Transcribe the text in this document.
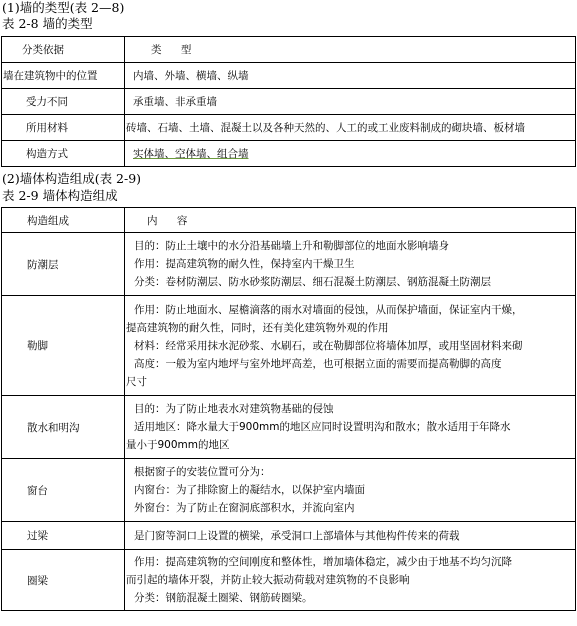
(1)墙的类型(表 2—8)
表 2-8 墙的类型
分类依据	类 型

墙在建筑物中的位置	内墙、外墙、横墙、纵墙

受力不同	承重墙、非承重墙

所用材料	砖墙、石墙、土墙、混凝土以及各种天然的、人工的或工业废料制成的砌块墙、板材墙

构造方式	实体墙、空体墙、组合墙
(2)墙体构造组成(表 2-9)
表 2-9 墙体构造组成
构造组成	内 容

防潮层	目的：防止土壤中的水分沿基础墙上升和勒脚部位的地面水影响墙身
作用：提高建筑物的耐久性，保持室内干燥卫生
分类：卷材防潮层、防水砂浆防潮层、细石混凝土防潮层、钢筋混凝土防潮层

勒脚	作用：防止地面水、屋檐滴落的雨水对墙面的侵蚀，从而保护墙面，保证室内干燥，
提高建筑物的耐久性，同时，还有美化建筑物外观的作用
材料：经常采用抹水泥砂浆、水刷石，或在勒脚部位将墙体加厚，或用坚固材料来砌
高度：一般为室内地坪与室外地坪高差，也可根据立面的需要而提高勒脚的高度
尺寸

散水和明沟	目的：为了防止地表水对建筑物基础的侵蚀
适用地区：降水量大于900mm的地区应同时设置明沟和散水；散水适用于年降水
量小于900mm的地区

窗台	根据窗子的安装位置可分为：
内窗台：为了排除窗上的凝结水，以保护室内墙面
外窗台：为了防止在窗洞底部积水，并流向室内

过梁	是门窗等洞口上设置的横梁，承受洞口上部墙体与其他构件传来的荷载

圈梁	作用：提高建筑物的空间刚度和整体性，增加墙体稳定，减少由于地基不均匀沉降
而引起的墙体开裂，并防止较大振动荷载对建筑物的不良影响
分类：钢筋混凝土圈梁、钢筋砖圈梁。
